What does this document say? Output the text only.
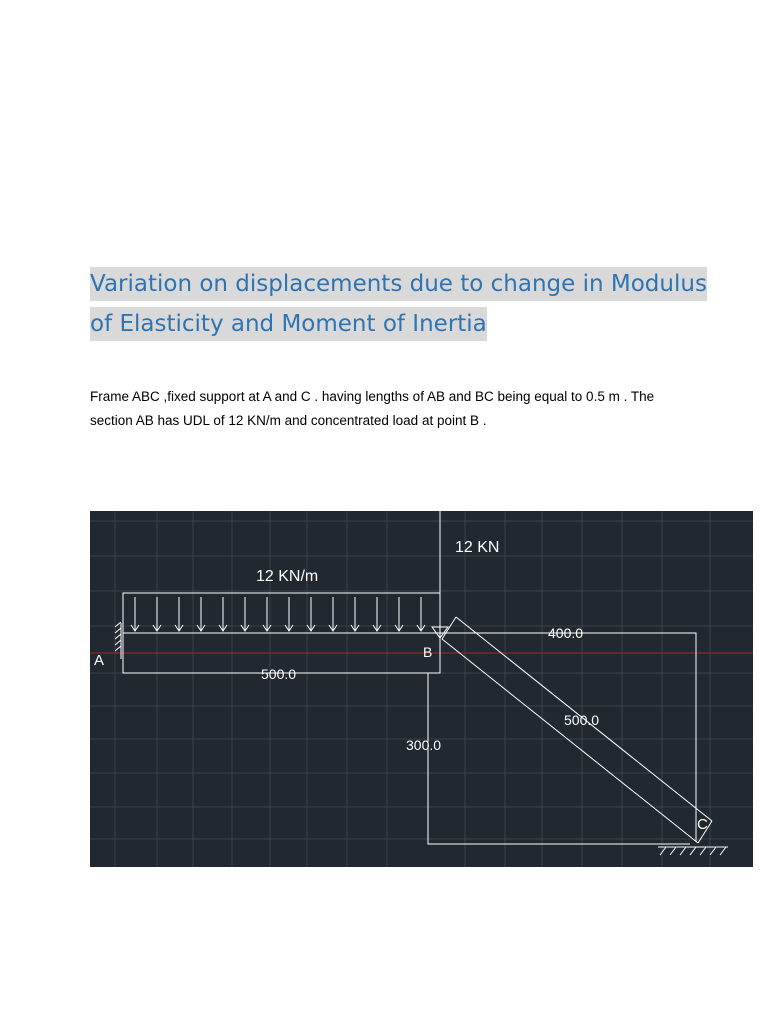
Variation on displacements due to change in Modulus of Elasticity and Moment of Inertia

Frame ABC ,fixed support at A and C . having lengths of AB and BC being equal to 0.5 m . The section AB has UDL of 12 KN/m and concentrated load at point B .

12 KN/m
12 KN
A	B
C
500.0
400.0
300.0
500.0
